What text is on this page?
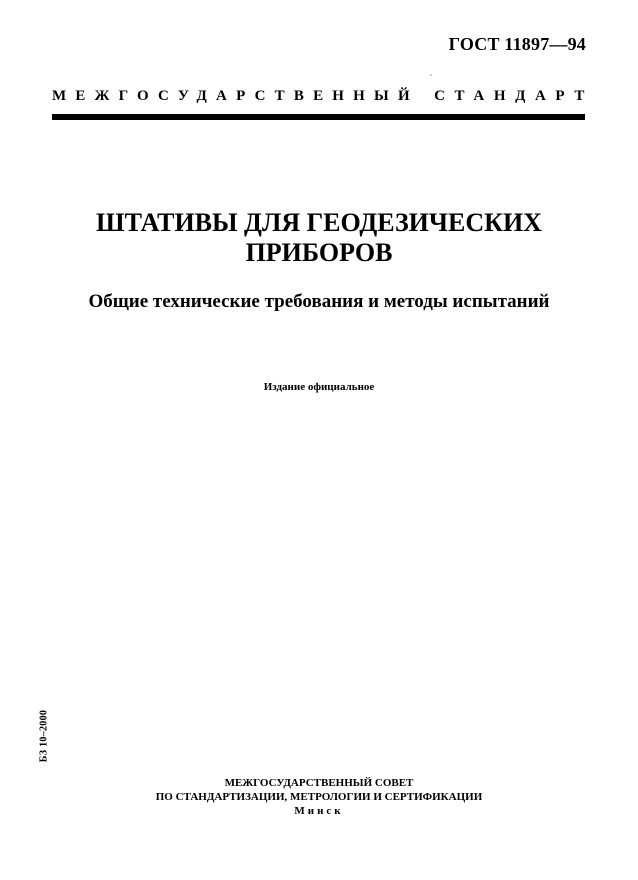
ГОСТ 11897—94
МЕЖГОСУДАРСТВЕННЫЙ СТАНДАРТ
ШТАТИВЫ ДЛЯ ГЕОДЕЗИЧЕСКИХ
ПРИБОРОВ
Общие технические требования и методы испытаний

Издание официальное

БЗ 10–2000
МЕЖГОСУДАРСТВЕННЫЙ СОВЕТ
ПО СТАНДАРТИЗАЦИИ, МЕТРОЛОГИИ И СЕРТИФИКАЦИИ
Минск
